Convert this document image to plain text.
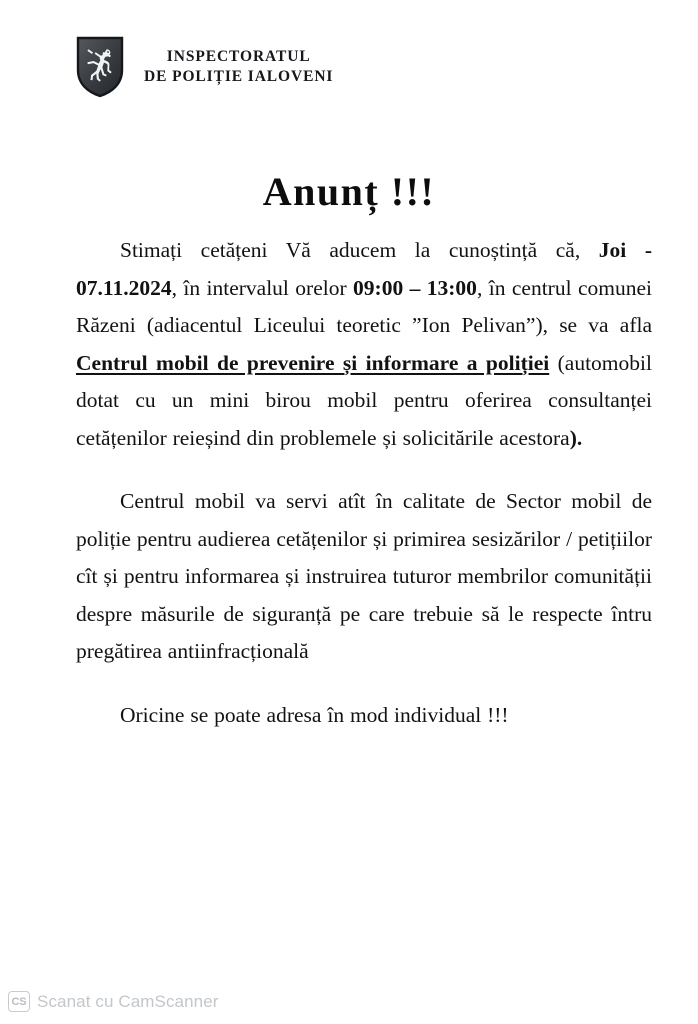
INSPECTORATUL
DE POLIȚIE IALOVENI
Anunț !!!

Stimați cetățeni Vă aducem la cunoștință că, Joi - 07.11.2024, în intervalul orelor 09:00 – 13:00, în centrul comunei Răzeni (adiacentul Liceului teoretic ”Ion Pelivan”), se va afla Centrul mobil de prevenire și informare a poliției (automobil dotat cu un mini birou mobil pentru oferirea consultanței cetățenilor reieșind din problemele și solicitările acestora).

Centrul mobil va servi atît în calitate de Sector mobil de poliție pentru audierea cetățenilor și primirea sesizărilor / petițiilor cît și pentru informarea și instruirea tuturor membrilor comunității despre măsurile de siguranță pe care trebuie să le respecte întru pregătirea antiinfracțională

Oricine se poate adresa în mod individual !!!

CS Scanat cu CamScanner
